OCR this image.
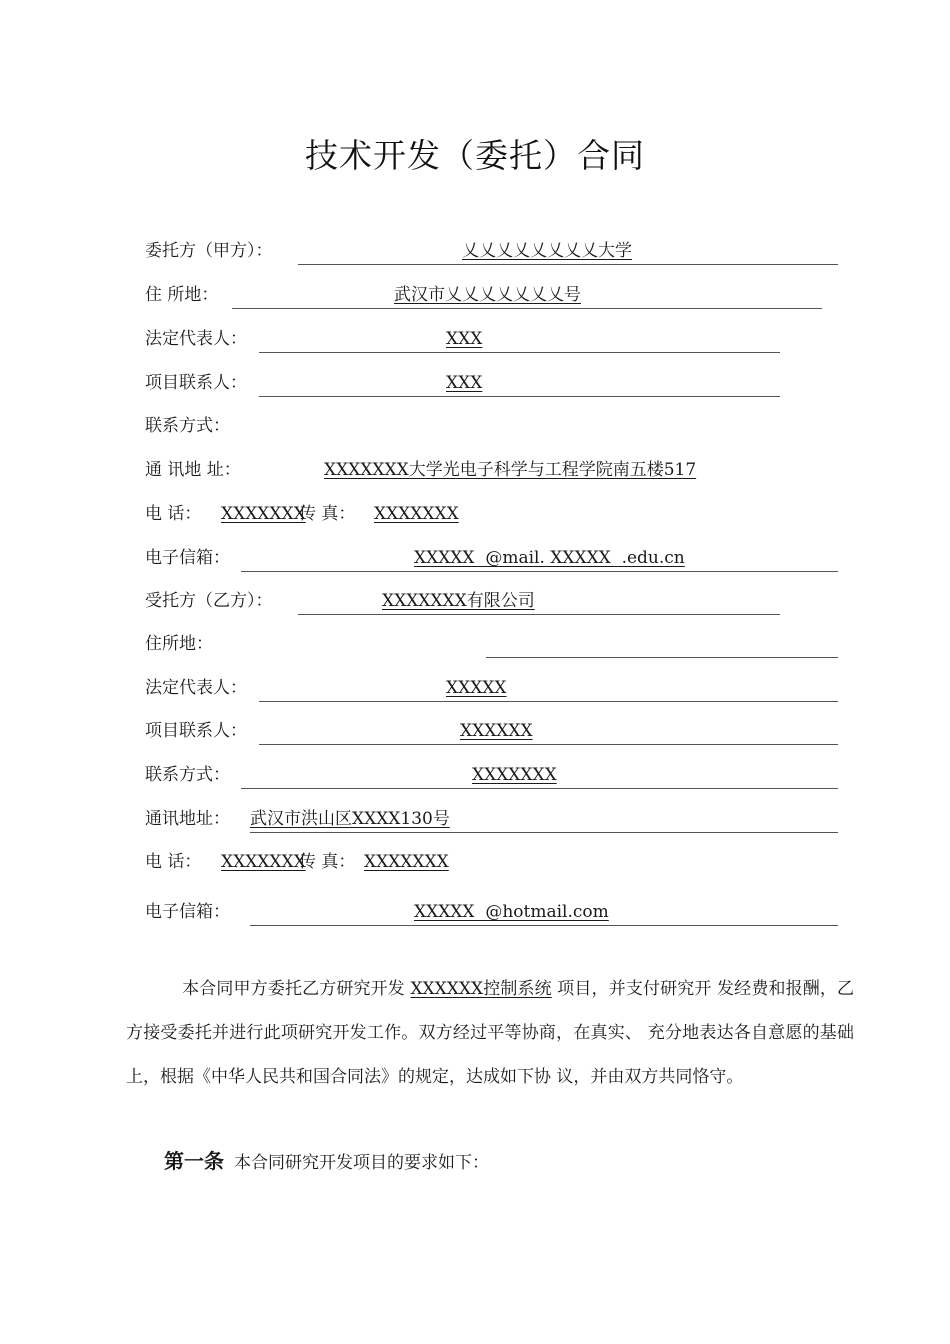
技术开发（委托）合同
委托方（甲方）：	乂乂乂乂乂乂乂乂大学
住 所地：	武汉市乂乂乂乂乂乂乂号
法定代表人：	XXX
项目联系人：	XXX
联系方式：
通 讯地 址：	XXXXXXX大学光电子科学与工程学院南五楼517
电 话： XXXXXXX
传 真： XXXXXXX
电子信箱：	XXXXX  @mail. XXXXX  .edu.cn
受托方（乙方）：	XXXXXXX有限公司
住所地：
法定代表人：	XXXXX
项目联系人：	XXXXXX
联系方式：	XXXXXXX
通讯地址： 武汉市洪山区XXXX130号
电 话： XXXXXXX
传 真： XXXXXXX
电子信箱：	XXXXX  @hotmail.com
本合同甲方委托乙方研究开发 XXXXXX控制系统 项目，并支付研究开 发经费和报酬，乙方接受委托并进行此项研究开发工作。双方经过平等协商，在真实、 充分地表达各自意愿的基础上，根据《中华人民共和国合同法》的规定，达成如下协 议，并由双方共同恪守。
第一条 本合同研究开发项目的要求如下：
